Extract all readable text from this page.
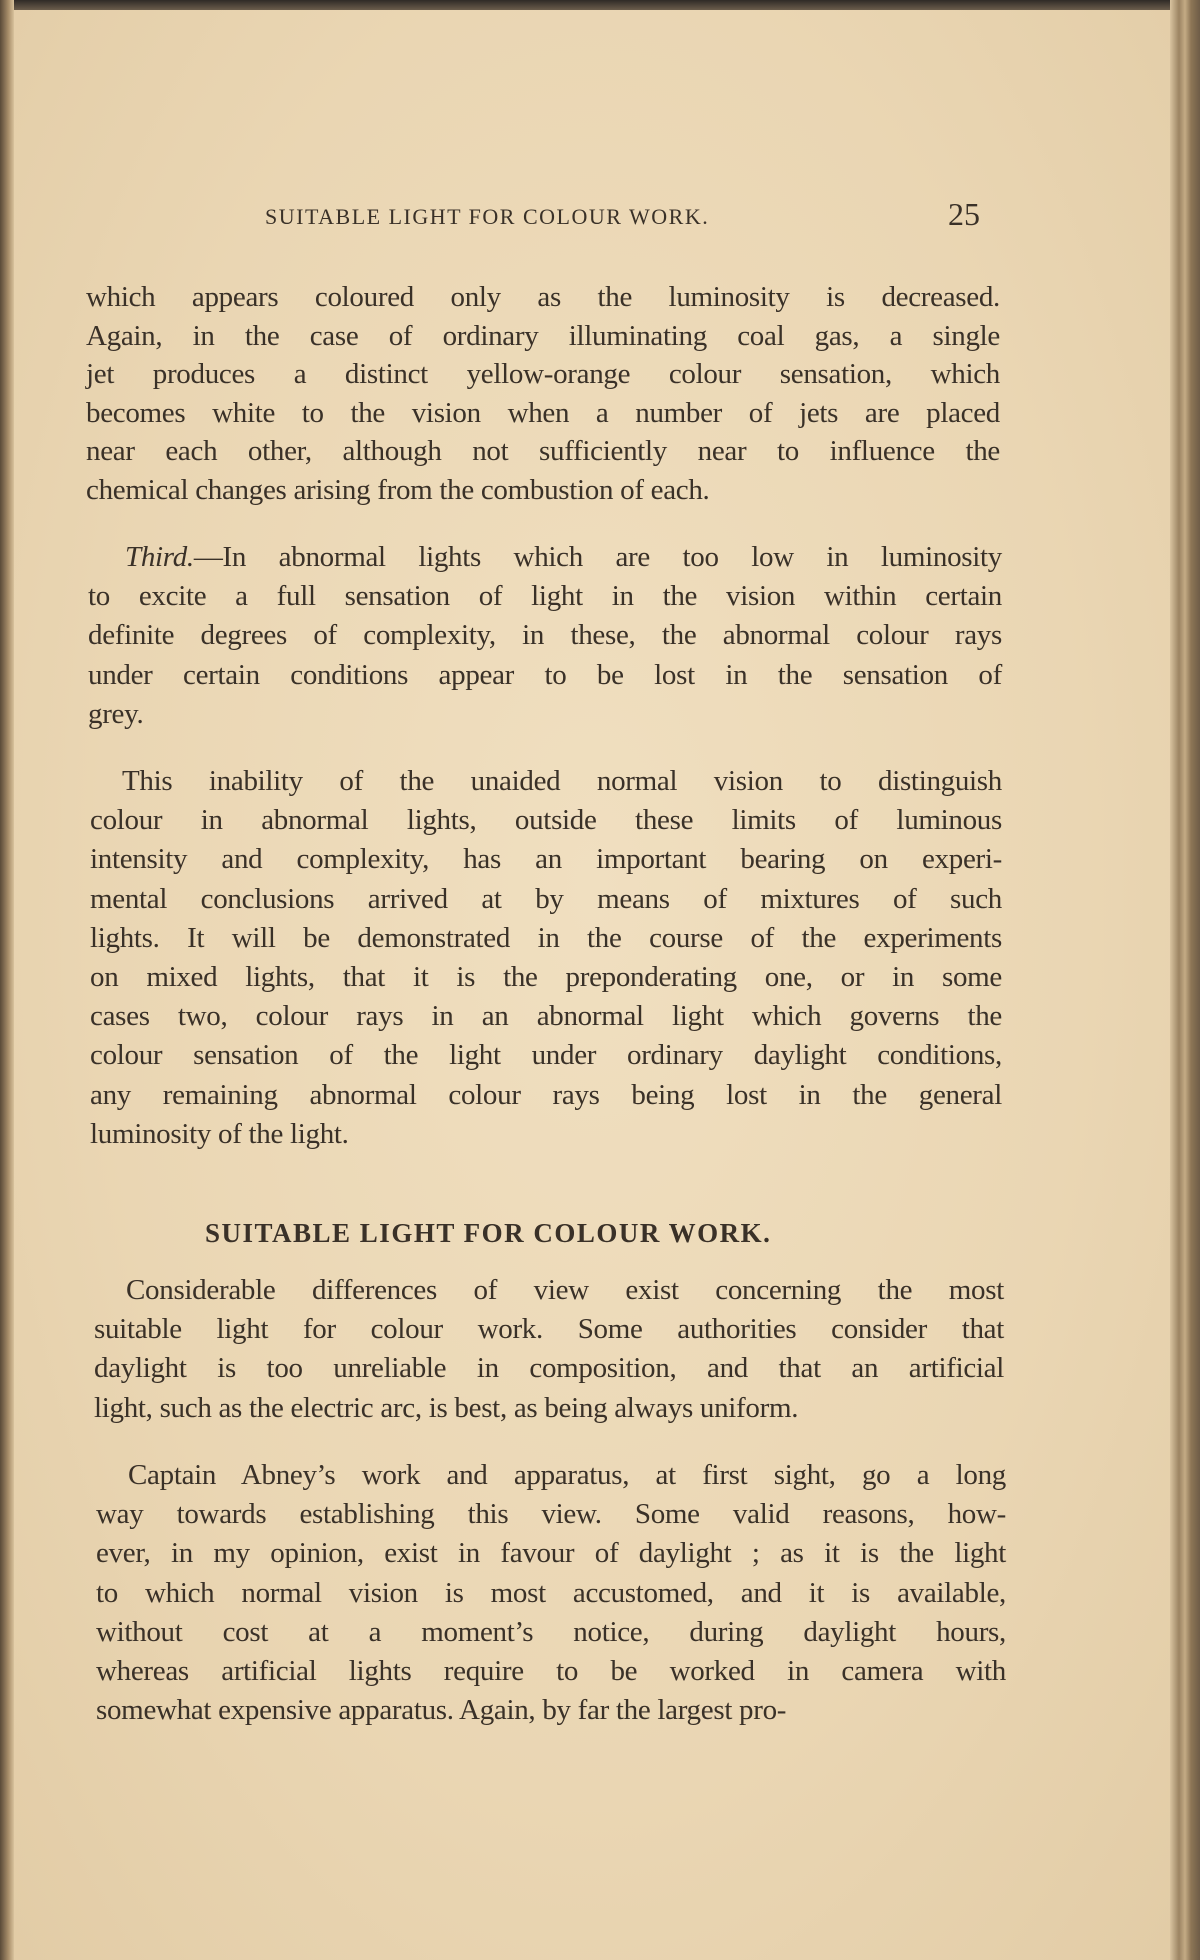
SUITABLE LIGHT FOR COLOUR WORK.	25
SUITABLE LIGHT FOR COLOUR WORK.
which appears coloured only as the luminosity is decreased.
Again, in the case of ordinary illuminating coal gas, a single
jet produces a distinct yellow-orange colour sensation, which
becomes white to the vision when a number of jets are placed
near each other, although not sufficiently near to influence the
chemical changes arising from the combustion of each.
Third.—In abnormal lights which are too low in luminosity
to excite a full sensation of light in the vision within certain
definite degrees of complexity, in these, the abnormal colour rays
under certain conditions appear to be lost in the sensation of
grey.
This inability of the unaided normal vision to distinguish
colour in abnormal lights, outside these limits of luminous
intensity and complexity, has an important bearing on experi-
mental conclusions arrived at by means of mixtures of such
lights. It will be demonstrated in the course of the experiments
on mixed lights, that it is the preponderating one, or in some
cases two, colour rays in an abnormal light which governs the
colour sensation of the light under ordinary daylight conditions,
any remaining abnormal colour rays being lost in the general
luminosity of the light.
Considerable differences of view exist concerning the most
suitable light for colour work. Some authorities consider that
daylight is too unreliable in composition, and that an artificial
light, such as the electric arc, is best, as being always uniform.
Captain Abney’s work and apparatus, at first sight, go a long
way towards establishing this view. Some valid reasons, how-
ever, in my opinion, exist in favour of daylight ; as it is the light
to which normal vision is most accustomed, and it is available,
without cost at a moment’s notice, during daylight hours,
whereas artificial lights require to be worked in camera with
somewhat expensive apparatus. Again, by far the largest pro-
